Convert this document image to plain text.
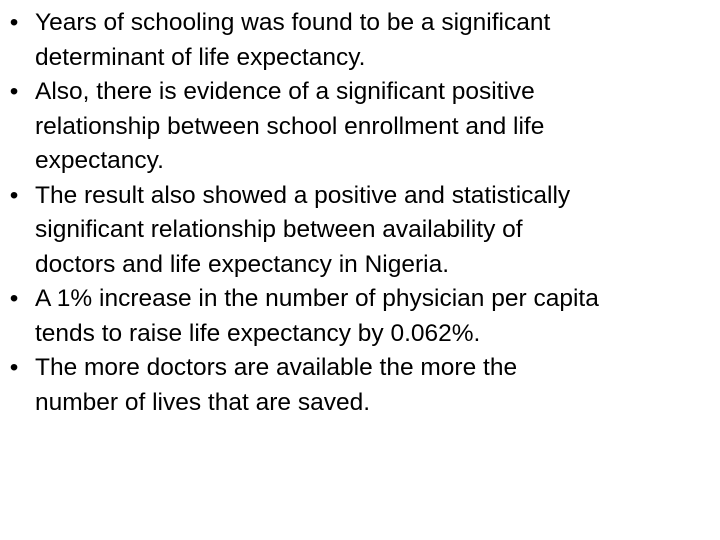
• Years of schooling was found to be a significant
determinant of life expectancy.
• Also, there is evidence of a significant positive
relationship between school enrollment and life
expectancy.
• The result also showed a positive and statistically
significant relationship between availability of
doctors and life expectancy in Nigeria.
• A 1% increase in the number of physician per capita
tends to raise life expectancy by 0.062%.
• The more doctors are available the more the
number of lives that are saved.
